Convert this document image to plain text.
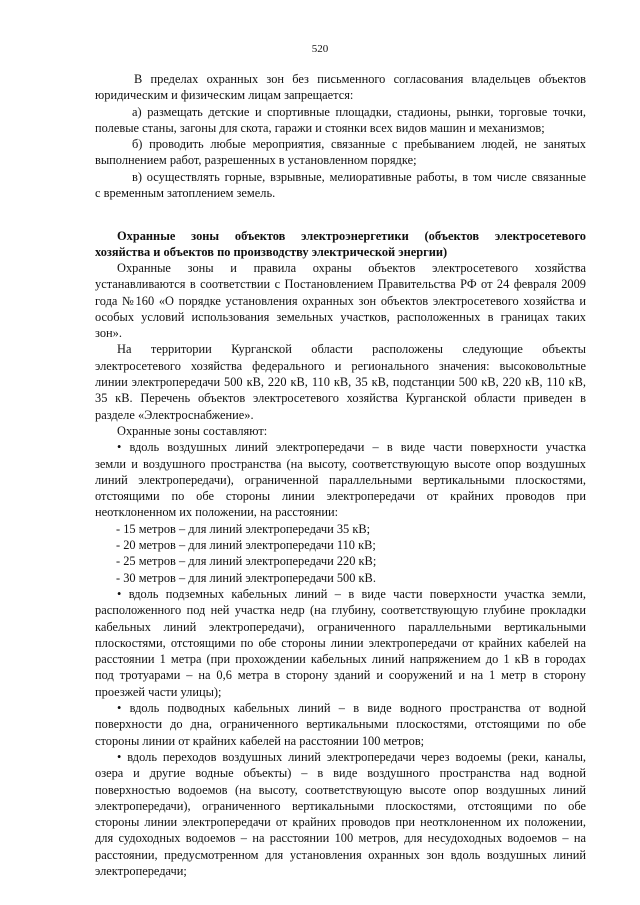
520
В пределах охранных зон без письменного согласования владельцев объектов
юридическим и физическим лицам запрещается:
а) размещать детские и спортивные площадки, стадионы, рынки, торговые точки,
полевые станы, загоны для скота, гаражи и стоянки всех видов машин и механизмов;
б) проводить любые мероприятия, связанные с пребыванием людей, не занятых
выполнением работ, разрешенных в установленном порядке;
в) осуществлять горные, взрывные, мелиоративные работы, в том числе связанные
с временным затоплением земель.
Охранные зоны объектов электроэнергетики (объектов электросетевого
хозяйства и объектов по производству электрической энергии)
Охранные зоны и правила охраны объектов электросетевого хозяйства
устанавливаются в соответствии с Постановлением Правительства РФ от 24 февраля 2009
года №160 «О порядке установления охранных зон объектов электросетевого хозяйства и
особых условий использования земельных участков, расположенных в границах таких
зон».
На территории Курганской области расположены следующие объекты
электросетевого хозяйства федерального и регионального значения: высоковольтные
линии электропередачи 500 кВ, 220 кВ, 110 кВ, 35 кВ, подстанции 500 кВ, 220 кВ, 110 кВ,
35 кВ. Перечень объектов электросетевого хозяйства Курганской области приведен в
разделе «Электроснабжение».
Охранные зоны составляют:
• вдоль воздушных линий электропередачи – в виде части поверхности участка
земли и воздушного пространства (на высоту, соответствующую высоте опор воздушных
линий электропередачи), ограниченной параллельными вертикальными плоскостями,
отстоящими по обе стороны линии электропередачи от крайних проводов при
неотклоненном их положении, на расстоянии:
- 15 метров – для линий электропередачи 35 кВ;
- 20 метров – для линий электропередачи 110 кВ;
- 25 метров – для линий электропередачи 220 кВ;
- 30 метров – для линий электропередачи 500 кВ.
• вдоль подземных кабельных линий – в виде части поверхности участка земли,
расположенного под ней участка недр (на глубину, соответствующую глубине прокладки
кабельных линий электропередачи), ограниченного параллельными вертикальными
плоскостями, отстоящими по обе стороны линии электропередачи от крайних кабелей на
расстоянии 1 метра (при прохождении кабельных линий напряжением до 1 кВ в городах
под тротуарами – на 0,6 метра в сторону зданий и сооружений и на 1 метр в сторону
проезжей части улицы);
• вдоль подводных кабельных линий – в виде водного пространства от водной
поверхности до дна, ограниченного вертикальными плоскостями, отстоящими по обе
стороны линии от крайних кабелей на расстоянии 100 метров;
• вдоль переходов воздушных линий электропередачи через водоемы (реки, каналы,
озера и другие водные объекты) – в виде воздушного пространства над водной
поверхностью водоемов (на высоту, соответствующую высоте опор воздушных линий
электропередачи), ограниченного вертикальными плоскостями, отстоящими по обе
стороны линии электропередачи от крайних проводов при неотклоненном их положении,
для судоходных водоемов – на расстоянии 100 метров, для несудоходных водоемов – на
расстоянии, предусмотренном для установления охранных зон вдоль воздушных линий
электропередачи;
